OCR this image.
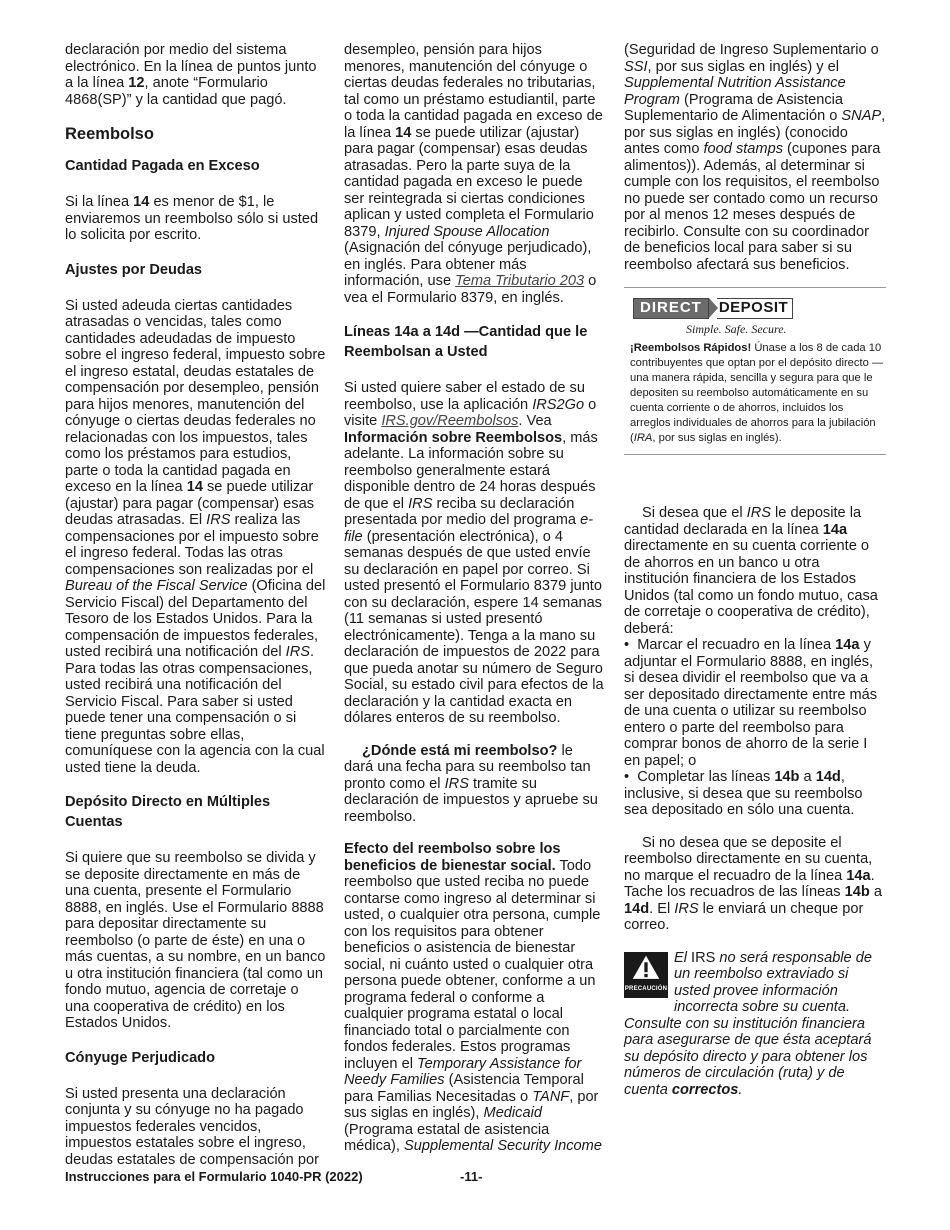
declaración por medio del sistema electrónico. En la línea de puntos junto a la línea 12, anote “Formulario 4868(SP)” y la cantidad que pagó.

Reembolso
Cantidad Pagada en Exceso

Si la línea 14 es menor de $1, le enviaremos un reembolso sólo si usted lo solicita por escrito.

Ajustes por Deudas

Si usted adeuda ciertas cantidades atrasadas o vencidas, tales como cantidades adeudadas de impuesto sobre el ingreso federal, impuesto sobre el ingreso estatal, deudas estatales de compensación por desempleo, pensión para hijos menores, manutención del cónyuge o ciertas deudas federales no relacionadas con los impuestos, tales como los préstamos para estudios, parte o toda la cantidad pagada en exceso en la línea 14 se puede utilizar (ajustar) para pagar (compensar) esas deudas atrasadas. El IRS realiza las compensaciones por el impuesto sobre el ingreso federal. Todas las otras compensaciones son realizadas por el Bureau of the Fiscal Service (Oficina del Servicio Fiscal) del Departamento del Tesoro de los Estados Unidos. Para la compensación de impuestos federales, usted recibirá una notificación del IRS. Para todas las otras compensaciones, usted recibirá una notificación del Servicio Fiscal. Para saber si usted puede tener una compensación o si tiene preguntas sobre ellas, comuníquese con la agencia con la cual usted tiene la deuda.

Depósito Directo en Múltiples Cuentas

Si quiere que su reembolso se divida y se deposite directamente en más de una cuenta, presente el Formulario 8888, en inglés. Use el Formulario 8888 para depositar directamente su reembolso (o parte de éste) en una o más cuentas, a su nombre, en un banco u otra institución financiera (tal como un fondo mutuo, agencia de corretaje o una cooperativa de crédito) en los Estados Unidos.

Cónyuge Perjudicado

Si usted presenta una declaración conjunta y su cónyuge no ha pagado impuestos federales vencidos, impuestos estatales sobre el ingreso, deudas estatales de compensación por

desempleo, pensión para hijos menores, manutención del cónyuge o ciertas deudas federales no tributarias, tal como un préstamo estudiantil, parte o toda la cantidad pagada en exceso de la línea 14 se puede utilizar (ajustar) para pagar (compensar) esas deudas atrasadas. Pero la parte suya de la cantidad pagada en exceso le puede ser reintegrada si ciertas condiciones aplican y usted completa el Formulario 8379, Injured Spouse Allocation (Asignación del cónyuge perjudicado), en inglés. Para obtener más información, use Tema Tributario 203 o vea el Formulario 8379, en inglés.

Líneas 14a a 14d —Cantidad que le Reembolsan a Usted

Si usted quiere saber el estado de su reembolso, use la aplicación IRS2Go o visite IRS.gov/Reembolsos. Vea Información sobre Reembolsos, más adelante. La información sobre su reembolso generalmente estará disponible dentro de 24 horas después de que el IRS reciba su declaración presentada por medio del programa e-file (presentación electrónica), o 4 semanas después de que usted envíe su declaración en papel por correo. Si usted presentó el Formulario 8379 junto con su declaración, espere 14 semanas (11 semanas si usted presentó electrónicamente). Tenga a la mano su declaración de impuestos de 2022 para que pueda anotar su número de Seguro Social, su estado civil para efectos de la declaración y la cantidad exacta en dólares enteros de su reembolso.

¿Dónde está mi reembolso? le dará una fecha para su reembolso tan pronto como el IRS tramite su declaración de impuestos y apruebe su reembolso.

Efecto del reembolso sobre los beneficios de bienestar social. Todo reembolso que usted reciba no puede contarse como ingreso al determinar si usted, o cualquier otra persona, cumple con los requisitos para obtener beneficios o asistencia de bienestar social, ni cuánto usted o cualquier otra persona puede obtener, conforme a un programa federal o conforme a cualquier programa estatal o local financiado total o parcialmente con fondos federales. Estos programas incluyen el Temporary Assistance for Needy Families (Asistencia Temporal para Familias Necesitadas o TANF, por sus siglas en inglés), Medicaid (Programa estatal de asistencia médica), Supplemental Security Income

(Seguridad de Ingreso Suplementario o SSI, por sus siglas en inglés) y el Supplemental Nutrition Assistance Program (Programa de Asistencia Suplementario de Alimentación o SNAP, por sus siglas en inglés) (conocido antes como food stamps (cupones para alimentos)). Además, al determinar si cumple con los requisitos, el reembolso no puede ser contado como un recurso por al menos 12 meses después de recibirlo. Consulte con su coordinador de beneficios local para saber si su reembolso afectará sus beneficios.

DIRECT	DEPOSIT
Simple. Safe. Secure.
¡Reembolsos Rápidos! Únase a los 8 de cada 10 contribuyentes que optan por el depósito directo —una manera rápida, sencilla y segura para que le depositen su reembolso automáticamente en su cuenta corriente o de ahorros, incluidos los arreglos individuales de ahorros para la jubilación (IRA, por sus siglas en inglés).

Si desea que el IRS le deposite la cantidad declarada en la línea 14a directamente en su cuenta corriente o de ahorros en un banco u otra institución financiera de los Estados Unidos (tal como un fondo mutuo, casa de corretaje o cooperativa de crédito), deberá:

•  Marcar el recuadro en la línea 14a y adjuntar el Formulario 8888, en inglés, si desea dividir el reembolso que va a ser depositado directamente entre más de una cuenta o utilizar su reembolso entero o parte del reembolso para comprar bonos de ahorro de la serie I en papel; o

•  Completar las líneas 14b a 14d, inclusive, si desea que su reembolso sea depositado en sólo una cuenta.

Si no desea que se deposite el reembolso directamente en su cuenta, no marque el recuadro de la línea 14a. Tache los recuadros de las líneas 14b a 14d. El IRS le enviará un cheque por correo.

PRECAUCIÓN
El IRS no será responsable de un reembolso extraviado si usted provee información incorrecta sobre su cuenta. Consulte con su institución financiera para asegurarse de que ésta aceptará su depósito directo y para obtener los números de circulación (ruta) y de cuenta correctos.
Instrucciones para el Formulario 1040-PR (2022)	-11-
